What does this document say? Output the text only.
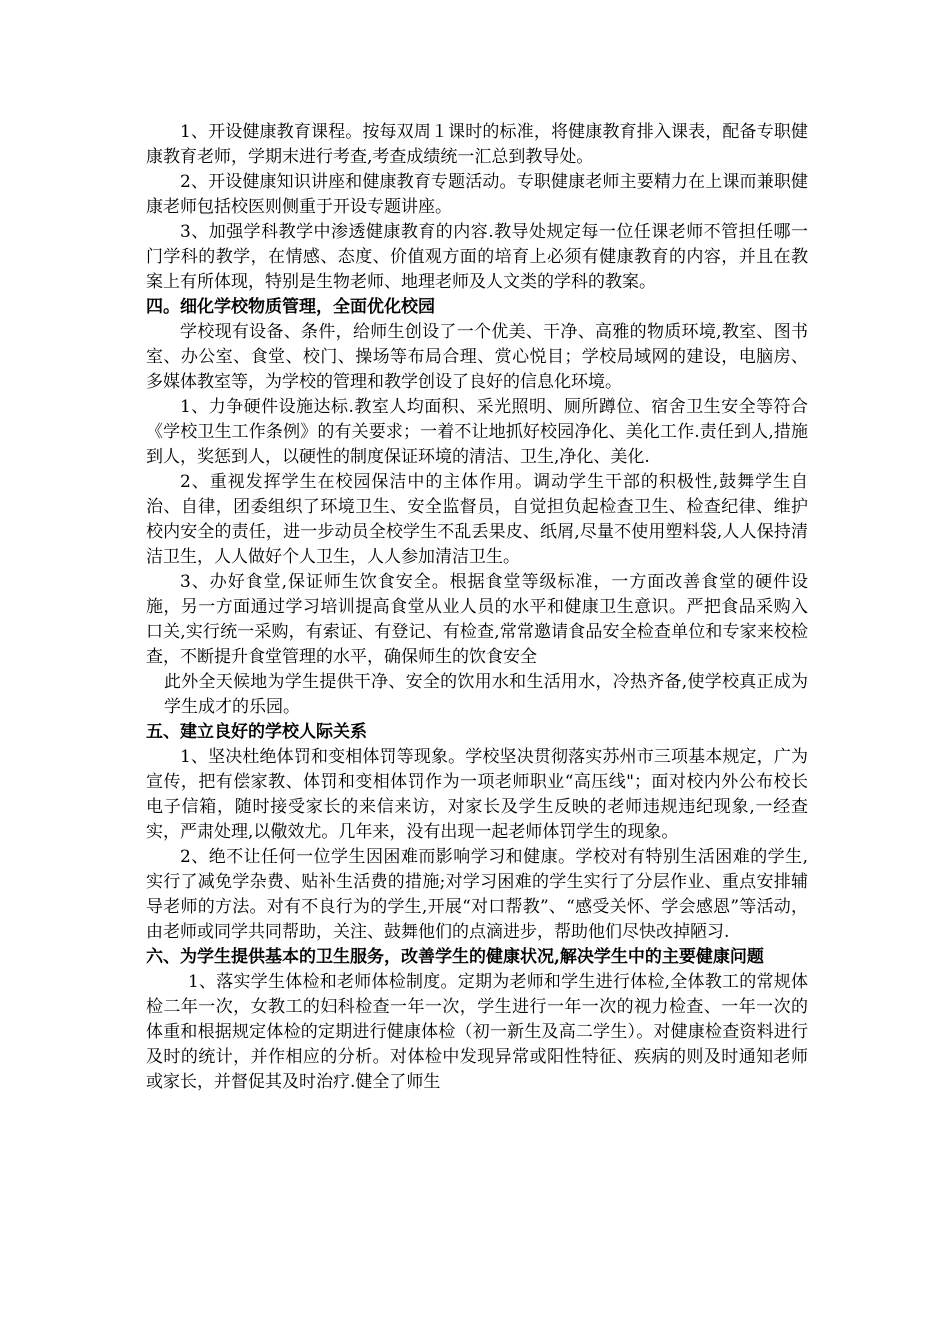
1、开设健康教育课程。按每双周１课时的标准，将健康教育排入课表，配备专职健康教育老师，学期末进行考查,考查成绩统一汇总到教导处。

2、开设健康知识讲座和健康教育专题活动。专职健康老师主要精力在上课而兼职健康老师包括校医则侧重于开设专题讲座。

3、加强学科教学中渗透健康教育的内容.教导处规定每一位任课老师不管担任哪一门学科的教学，在情感、态度、价值观方面的培育上必须有健康教育的内容，并且在教案上有所体现，特别是生物老师、地理老师及人文类的学科的教案。

四。细化学校物质管理，全面优化校园

学校现有设备、条件，给师生创设了一个优美、干净、高雅的物质环境,教室、图书室、办公室、食堂、校门、操场等布局合理、赏心悦目；学校局域网的建设，电脑房、多媒体教室等，为学校的管理和教学创设了良好的信息化环境。

1、力争硬件设施达标.教室人均面积、采光照明、厕所蹲位、宿舍卫生安全等符合《学校卫生工作条例》的有关要求；一着不让地抓好校园净化、美化工作.责任到人,措施到人，奖惩到人，以硬性的制度保证环境的清洁、卫生,净化、美化.

2、重视发挥学生在校园保洁中的主体作用。调动学生干部的积极性,鼓舞学生自治、自律，团委组织了环境卫生、安全监督员，自觉担负起检查卫生、检查纪律、维护校内安全的责任，进一步动员全校学生不乱丢果皮、纸屑,尽量不使用塑料袋,人人保持清洁卫生，人人做好个人卫生，人人参加清洁卫生。

3、办好食堂,保证师生饮食安全。根据食堂等级标准，一方面改善食堂的硬件设施，另一方面通过学习培训提高食堂从业人员的水平和健康卫生意识。严把食品采购入口关,实行统一采购，有索证、有登记、有检查,常常邀请食品安全检查单位和专家来校检查，不断提升食堂管理的水平，确保师生的饮食安全

此外全天候地为学生提供干净、安全的饮用水和生活用水，冷热齐备,使学校真正成为学生成才的乐园。

五、建立良好的学校人际关系

1、坚决杜绝体罚和变相体罚等现象。学校坚决贯彻落实苏州市三项基本规定，广为宣传，把有偿家教、体罚和变相体罚作为一项老师职业“高压线"；面对校内外公布校长电子信箱，随时接受家长的来信来访，对家长及学生反映的老师违规违纪现象,一经查实，严肃处理,以儆效尤。几年来，没有出现一起老师体罚学生的现象。

2、绝不让任何一位学生因困难而影响学习和健康。学校对有特别生活困难的学生,实行了减免学杂费、贴补生活费的措施;对学习困难的学生实行了分层作业、重点安排辅导老师的方法。对有不良行为的学生,开展“对口帮教”、“感受关怀、学会感恩”等活动，由老师或同学共同帮助，关注、鼓舞他们的点滴进步，帮助他们尽快改掉陋习.

六、为学生提供基本的卫生服务，改善学生的健康状况,解决学生中的主要健康问题

1、落实学生体检和老师体检制度。定期为老师和学生进行体检,全体教工的常规体检二年一次，女教工的妇科检查一年一次，学生进行一年一次的视力检查、一年一次的体重和根据规定体检的定期进行健康体检（初一新生及高二学生）。对健康检查资料进行及时的统计，并作相应的分析。对体检中发现异常或阳性特征、疾病的则及时通知老师或家长，并督促其及时治疗.健全了师生
